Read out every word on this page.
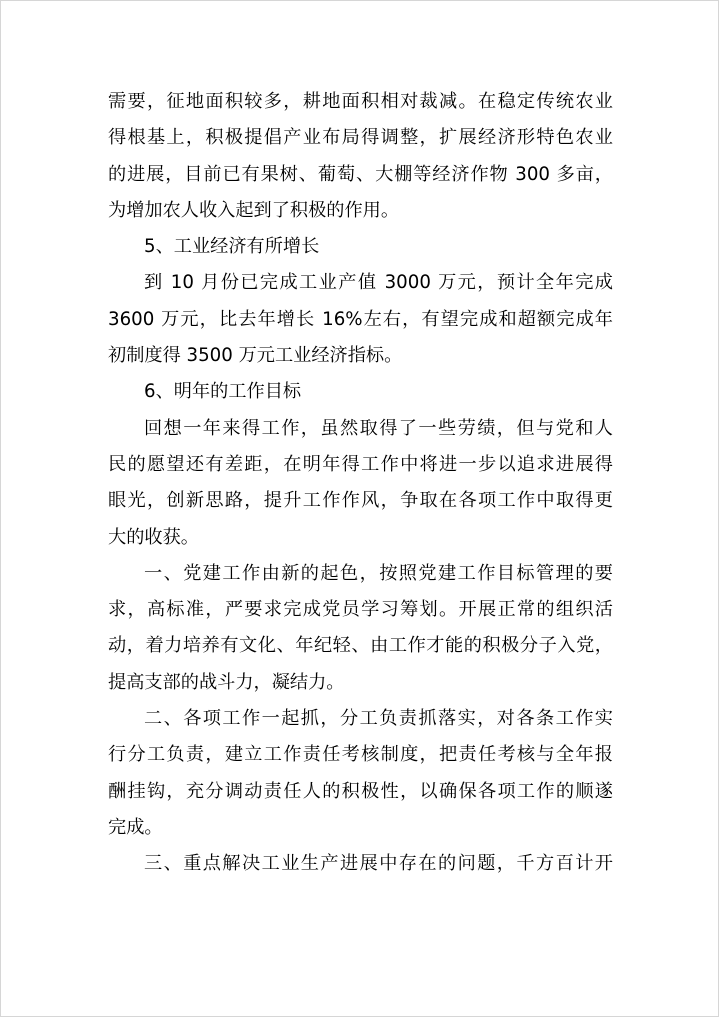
需要，征地面积较多，耕地面积相对裁减。在稳定传统农业
得根基上，积极提倡产业布局得调整，扩展经济形特色农业
的进展，目前已有果树、葡萄、大棚等经济作物 300 多亩，
为增加农人收入起到了积极的作用。
5、工业经济有所增长
到 10 月份已完成工业产值 3000 万元，预计全年完成
3600 万元，比去年增长 16%左右，有望完成和超额完成年
初制度得 3500 万元工业经济指标。
6、明年的工作目标
回想一年来得工作，虽然取得了一些劳绩，但与党和人
民的愿望还有差距，在明年得工作中将进一步以追求进展得
眼光，创新思路，提升工作作风，争取在各项工作中取得更
大的收获。
一、党建工作由新的起色，按照党建工作目标管理的要
求，高标准，严要求完成党员学习筹划。开展正常的组织活
动，着力培养有文化、年纪轻、由工作才能的积极分子入党，
提高支部的战斗力，凝结力。
二、各项工作一起抓，分工负责抓落实，对各条工作实
行分工负责，建立工作责任考核制度，把责任考核与全年报
酬挂钩，充分调动责任人的积极性，以确保各项工作的顺遂
完成。
三、重点解决工业生产进展中存在的问题，千方百计开
